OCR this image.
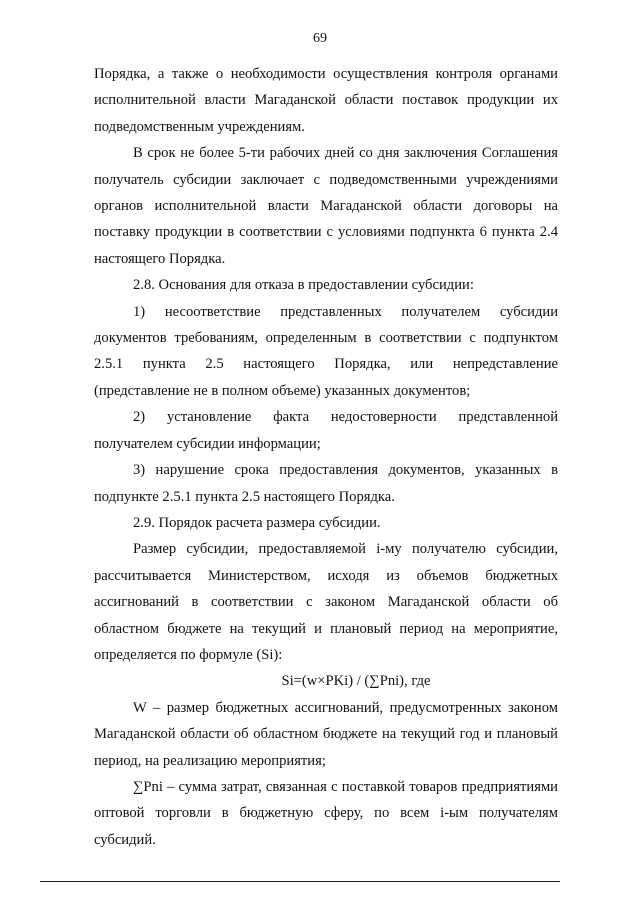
69

Порядка, а также о необходимости осуществления контроля органами исполнительной власти Магаданской области поставок продукции их подведомственным учреждениям.

В срок не более 5-ти рабочих дней со дня заключения Соглашения получатель субсидии заключает с подведомственными учреждениями органов исполнительной власти Магаданской области договоры на поставку продукции в соответствии с условиями подпункта 6 пункта 2.4 настоящего Порядка.

2.8. Основания для отказа в предоставлении субсидии:

1) несоответствие представленных получателем субсидии документов требованиям, определенным в соответствии с подпунктом 2.5.1 пункта 2.5 настоящего Порядка, или непредставление (представление не в полном объеме) указанных документов;

2) установление факта недостоверности представленной получателем субсидии информации;

3) нарушение срока предоставления документов, указанных в подпункте 2.5.1 пункта 2.5 настоящего Порядка.

2.9. Порядок расчета размера субсидии.

Размер субсидии, предоставляемой i-му получателю субсидии, рассчитывается Министерством, исходя из объемов бюджетных ассигнований в соответствии с законом Магаданской области об областном бюджете на текущий и плановый период на мероприятие, определяется по формуле (Si):

Si=(w×PKi) / (∑Pni), где

W – размер бюджетных ассигнований, предусмотренных законом Магаданской области об областном бюджете на текущий год и плановый период, на реализацию мероприятия;

∑Pni – сумма затрат, связанная с поставкой товаров предприятиями оптовой торговли в бюджетную сферу, по всем i-ым получателям субсидий.
